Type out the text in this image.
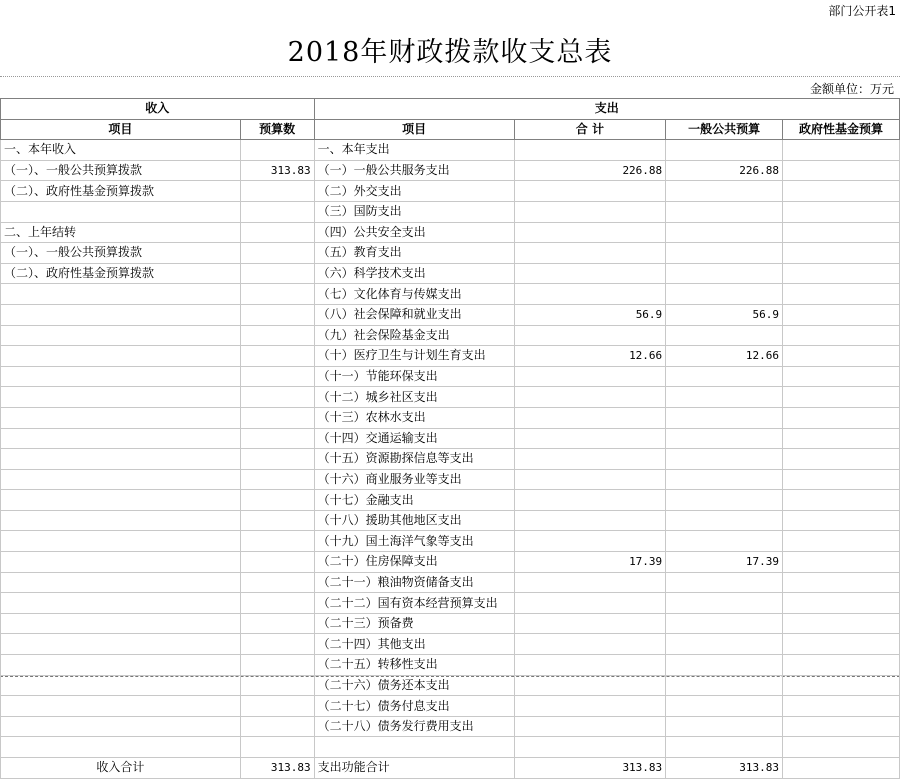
部门公开表1
2018年财政拨款收支总表
金额单位：万元
收入		支出			
项目	预算数	项目	合 计	一般公共预算	政府性基金预算
一、本年收入		一、本年支出			
（一）、一般公共预算拨款	313.83	（一）一般公共服务支出	226.88	226.88	
（二）、政府性基金预算拨款		（二）外交支出			
		（三）国防支出			
二、上年结转		（四）公共安全支出			
（一）、一般公共预算拨款		（五）教育支出			
（二）、政府性基金预算拨款		（六）科学技术支出			
		（七）文化体育与传媒支出			
		（八）社会保障和就业支出	56.9	56.9	
		（九）社会保险基金支出			
		（十）医疗卫生与计划生育支出	12.66	12.66	
		（十一）节能环保支出			
		（十二）城乡社区支出			
		（十三）农林水支出			
		（十四）交通运输支出			
		（十五）资源勘探信息等支出			
		（十六）商业服务业等支出			
		（十七）金融支出			
		（十八）援助其他地区支出			
		（十九）国土海洋气象等支出			
		（二十）住房保障支出	17.39	17.39	
		（二十一）粮油物资储备支出			
		（二十二）国有资本经营预算支出			
		（二十三）预备费			
		（二十四）其他支出			
		（二十五）转移性支出			
		（二十六）债务还本支出			
		（二十七）债务付息支出			
		（二十八）债务发行费用支出			

收入合计	313.83	支出功能合计	313.83	313.83	
